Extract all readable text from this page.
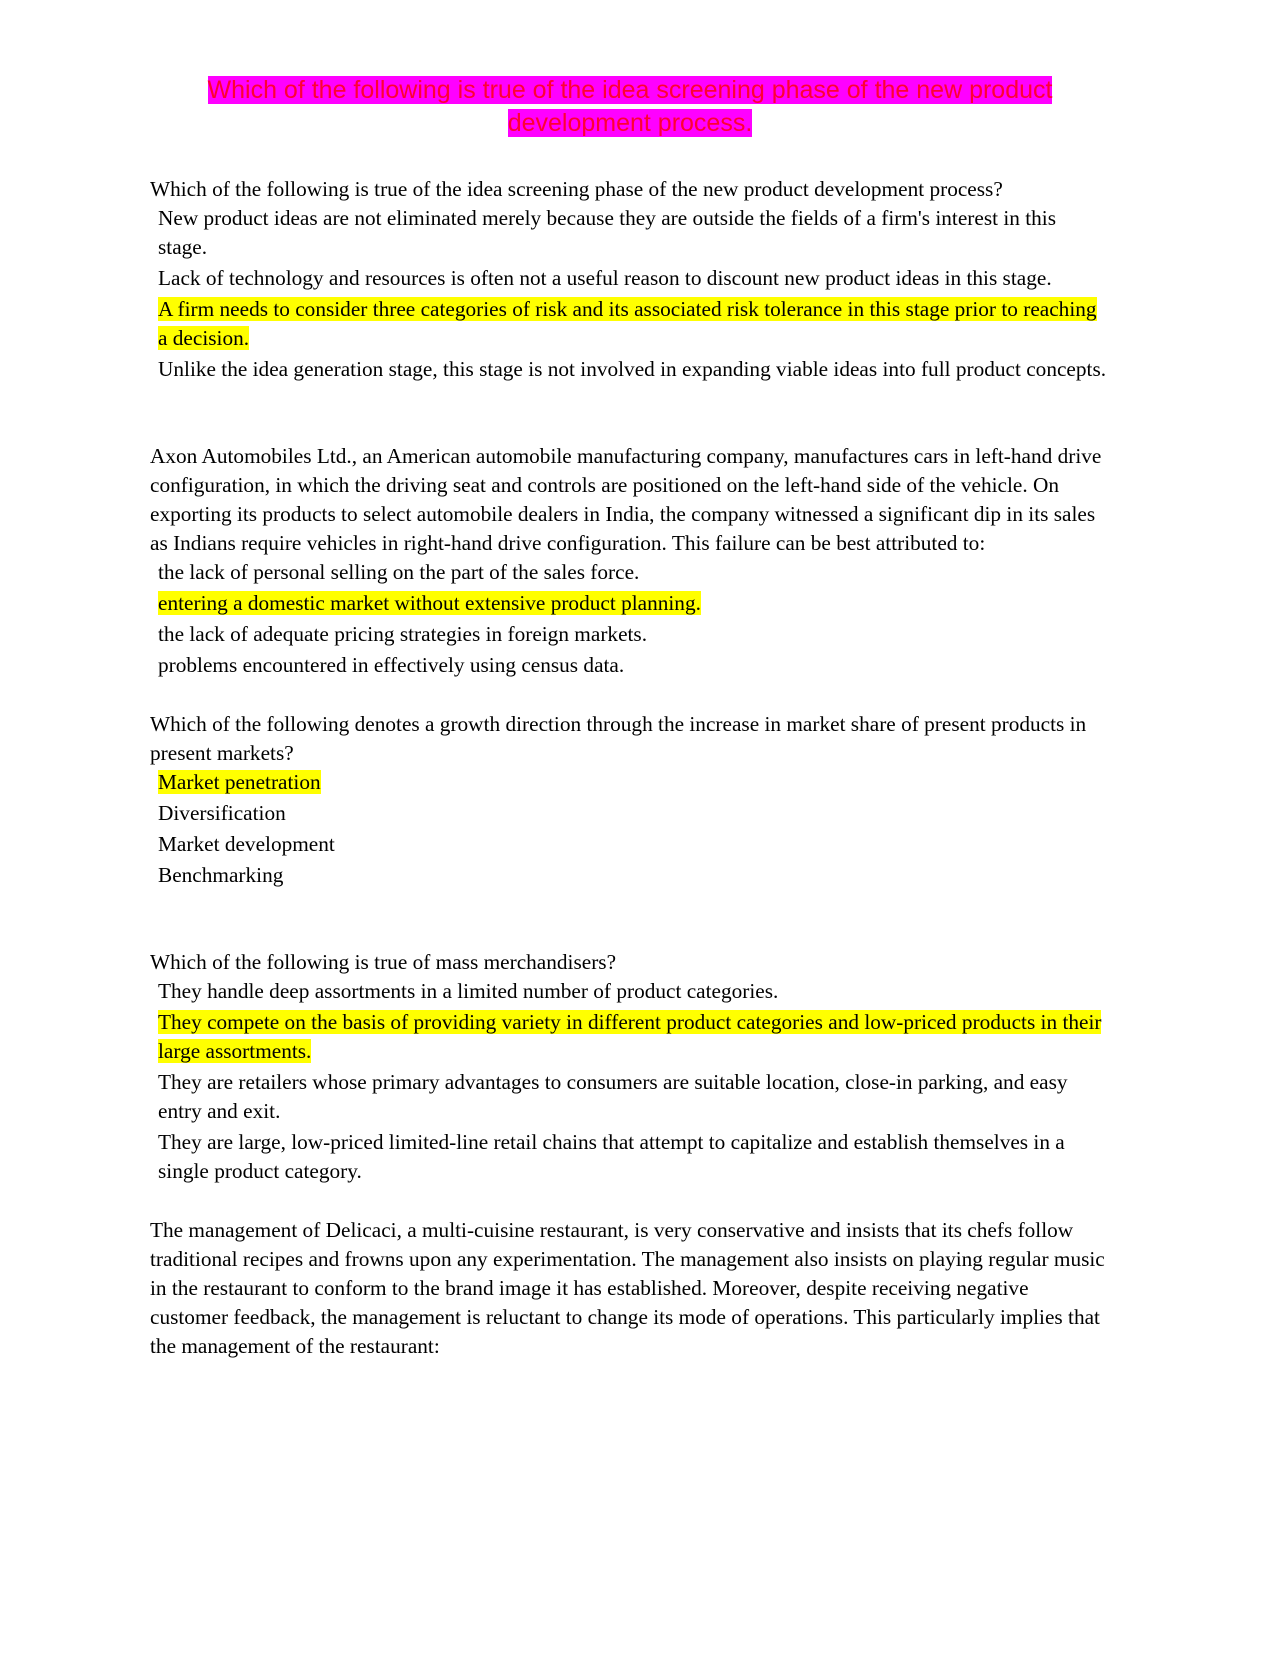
Which of the following is true of the idea screening phase of the new product development process.

Which of the following is true of the idea screening phase of the new product development process?

New product ideas are not eliminated merely because they are outside the fields of a firm's interest in this stage.

Lack of technology and resources is often not a useful reason to discount new product ideas in this stage.

A firm needs to consider three categories of risk and its associated risk tolerance in this stage prior to reaching a decision.

Unlike the idea generation stage, this stage is not involved in expanding viable ideas into full product concepts.

Axon Automobiles Ltd., an American automobile manufacturing company, manufactures cars in left-hand drive configuration, in which the driving seat and controls are positioned on the left-hand side of the vehicle. On exporting its products to select automobile dealers in India, the company witnessed a significant dip in its sales as Indians require vehicles in right-hand drive configuration. This failure can be best attributed to:

the lack of personal selling on the part of the sales force.

entering a domestic market without extensive product planning.

the lack of adequate pricing strategies in foreign markets.

problems encountered in effectively using census data.

Which of the following denotes a growth direction through the increase in market share of present products in present markets?

Market penetration

Diversification

Market development

Benchmarking

Which of the following is true of mass merchandisers?

They handle deep assortments in a limited number of product categories.

They compete on the basis of providing variety in different product categories and low-priced products in their large assortments.

They are retailers whose primary advantages to consumers are suitable location, close-in parking, and easy entry and exit.

They are large, low-priced limited-line retail chains that attempt to capitalize and establish themselves in a single product category.

The management of Delicaci, a multi-cuisine restaurant, is very conservative and insists that its chefs follow traditional recipes and frowns upon any experimentation. The management also insists on playing regular music in the restaurant to conform to the brand image it has established. Moreover, despite receiving negative customer feedback, the management is reluctant to change its mode of operations. This particularly implies that the management of the restaurant:
